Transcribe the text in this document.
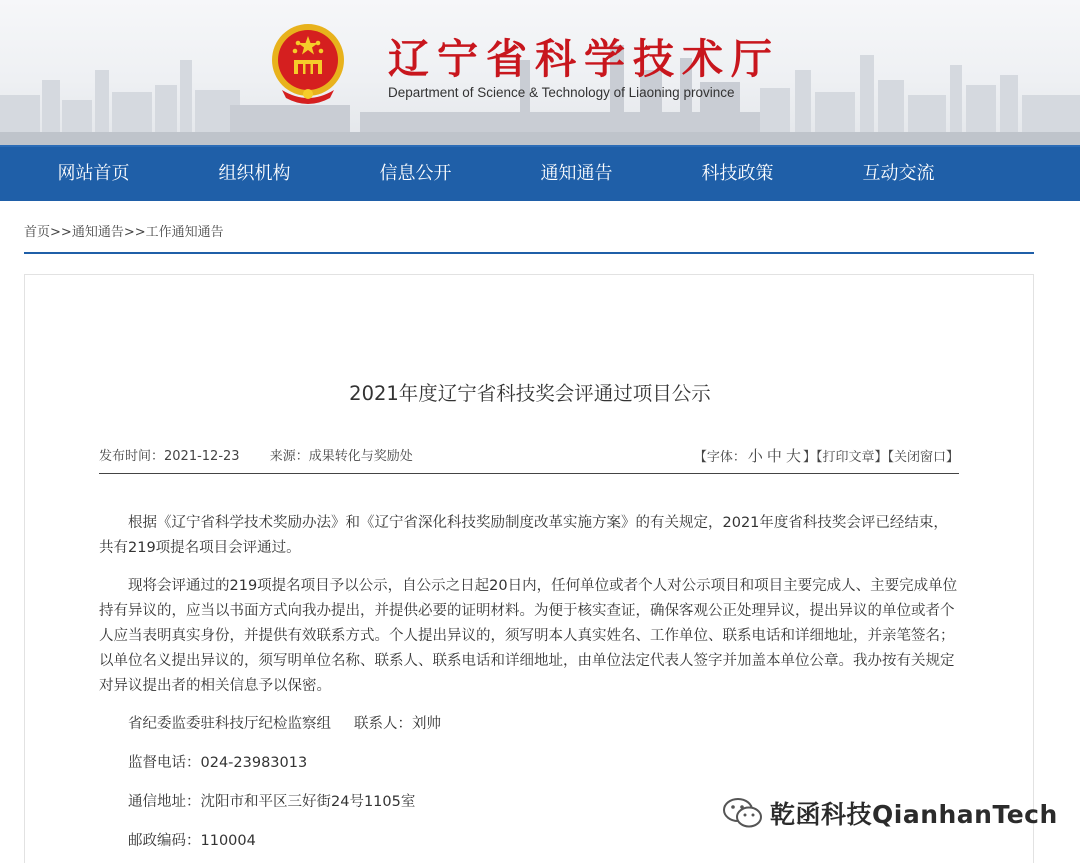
辽宁省科学技术厅
Department of Science & Technology of Liaoning province
网站首页	组织机构	信息公开	通知通告	科技政策	互动交流
首页>>通知通告>>工作通知通告
2021年度辽宁省科技奖会评通过项目公示
发布时间：2021-12-23 来源：成果转化与奖励处	【字体： 小 中 大 】【打印文章】【关闭窗口】

根据《辽宁省科学技术奖励办法》和《辽宁省深化科技奖励制度改革实施方案》的有关规定，2021年度省科技奖会评已经结束，共有219项提名项目会评通过。

现将会评通过的219项提名项目予以公示，自公示之日起20日内，任何单位或者个人对公示项目和项目主要完成人、主要完成单位持有异议的，应当以书面方式向我办提出，并提供必要的证明材料。为便于核实查证，确保客观公正处理异议，提出异议的单位或者个人应当表明真实身份，并提供有效联系方式。个人提出异议的，须写明本人真实姓名、工作单位、联系电话和详细地址，并亲笔签名；以单位名义提出异议的，须写明单位名称、联系人、联系电话和详细地址，由单位法定代表人签字并加盖本单位公章。我办按有关规定对异议提出者的相关信息予以保密。

省纪委监委驻科技厅纪检监察组 联系人：刘帅

监督电话：024-23983013

通信地址：沈阳市和平区三好街24号1105室

邮政编码：110004

乾函科技QianhanTech
